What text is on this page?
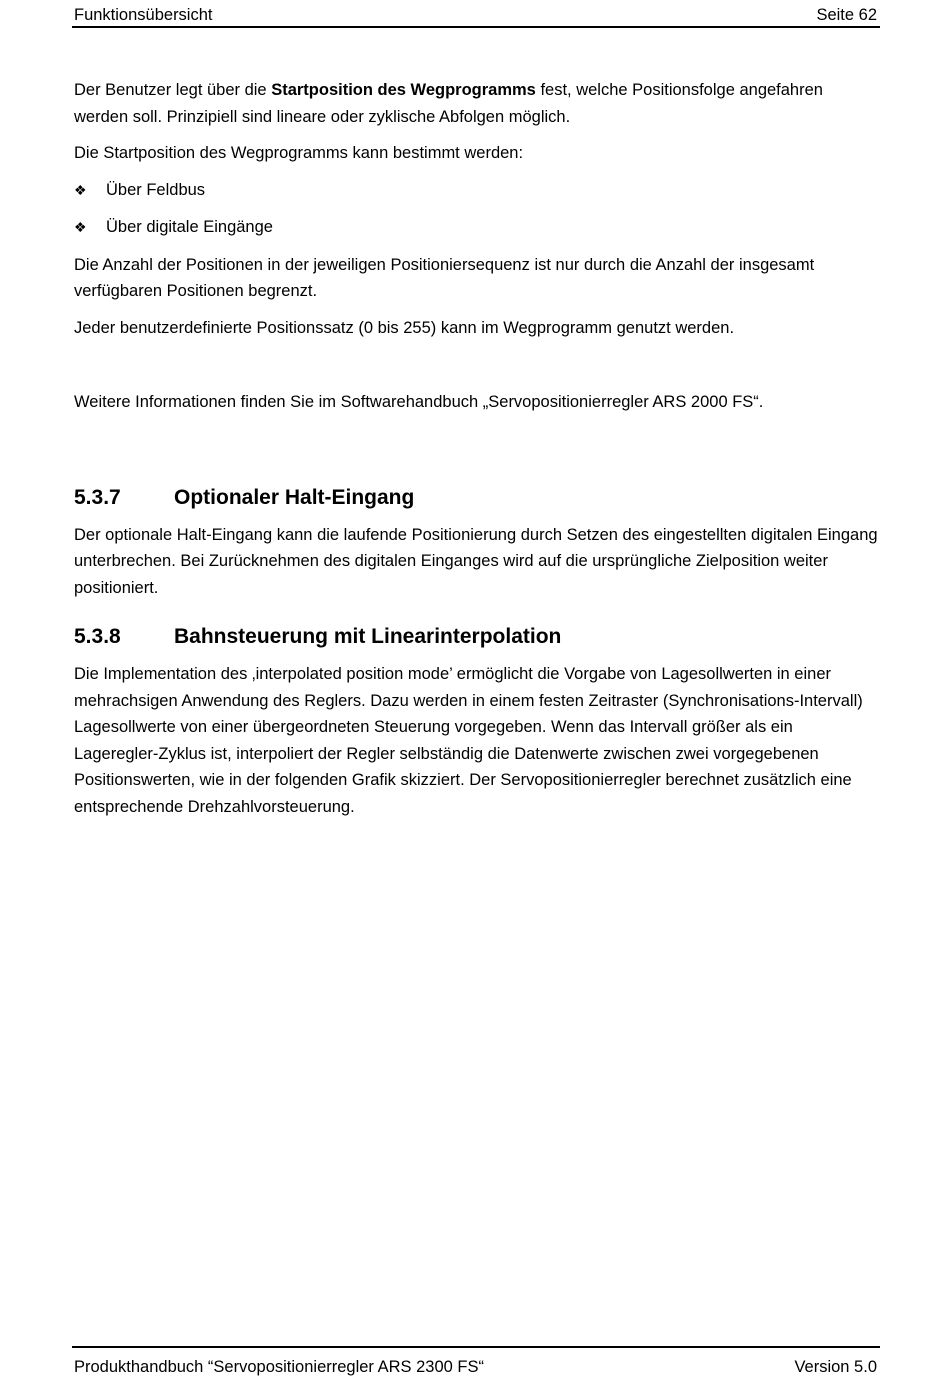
Funktionsübersicht	Seite 62

Der Benutzer legt über die Startposition des Wegprogramms fest, welche Positionsfolge angefahren werden soll. Prinzipiell sind lineare oder zyklische Abfolgen möglich.

Die Startposition des Wegprogramms kann bestimmt werden:

❖	Über Feldbus
❖	Über digitale Eingänge

Die Anzahl der Positionen in der jeweiligen Positioniersequenz ist nur durch die Anzahl der insgesamt verfügbaren Positionen begrenzt.

Jeder benutzerdefinierte Positionssatz (0 bis 255) kann im Wegprogramm genutzt werden.

Weitere Informationen finden Sie im Softwarehandbuch „Servopositionierregler ARS 2000 FS“.

5.3.7	Optionaler Halt-Eingang

Der optionale Halt-Eingang kann die laufende Positionierung durch Setzen des eingestellten digitalen Eingang unterbrechen. Bei Zurücknehmen des digitalen Einganges wird auf die ursprüngliche Zielposition weiter positioniert.

5.3.8	Bahnsteuerung mit Linearinterpolation

Die Implementation des ‚interpolated position mode’ ermöglicht die Vorgabe von Lagesollwerten in einer mehrachsigen Anwendung des Reglers. Dazu werden in einem festen Zeitraster (Synchronisations-Intervall) Lagesollwerte von einer übergeordneten Steuerung vorgegeben. Wenn das Intervall größer als ein Lageregler-Zyklus ist, interpoliert der Regler selbständig die Datenwerte zwischen zwei vorgegebenen Positionswerten, wie in der folgenden Grafik skizziert. Der Servopositionierregler berechnet zusätzlich eine entsprechende Drehzahlvorsteuerung.

Produkthandbuch “Servopositionierregler ARS 2300 FS“	Version 5.0
